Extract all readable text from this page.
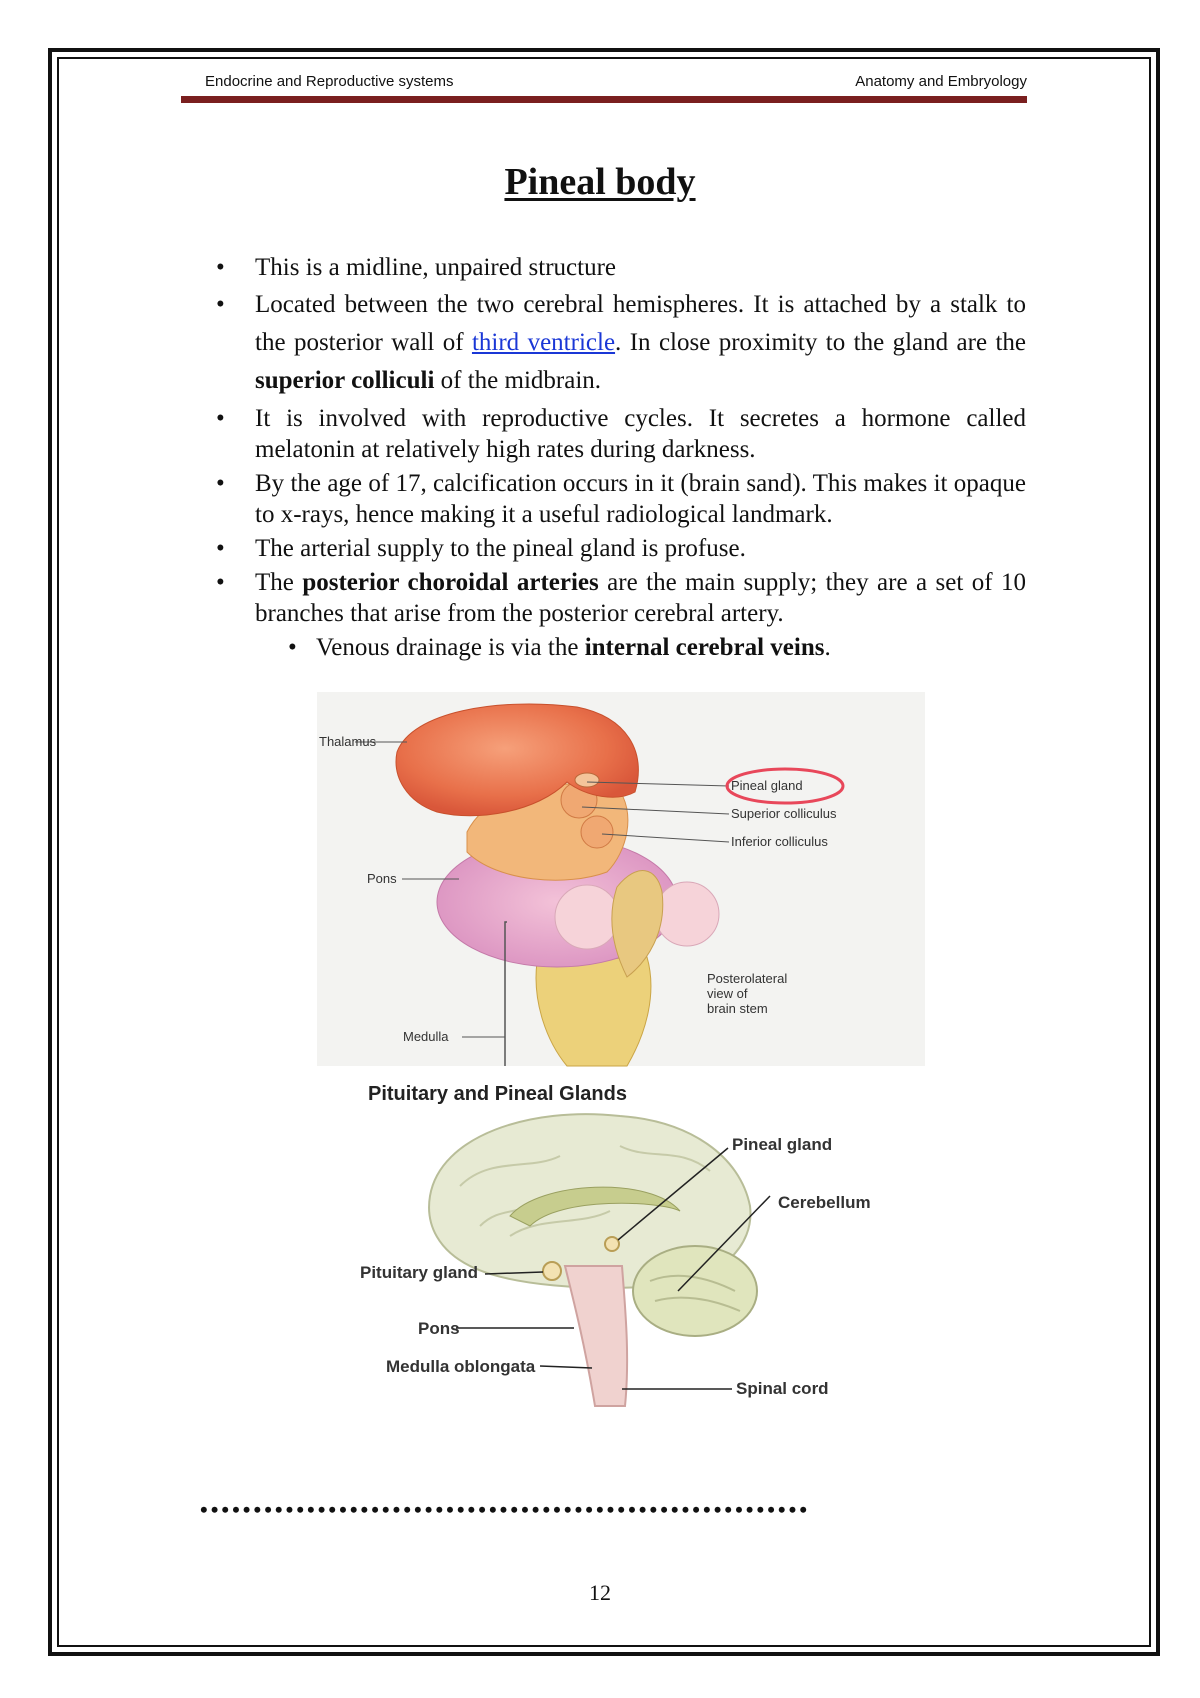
Endocrine and Reproductive systems	Anatomy and Embryology
Pineal body
• This is a midline, unpaired structure
• Located between the two cerebral hemispheres. It is attached by a stalk to the posterior wall of third ventricle. In close proximity to the gland are the superior colliculi of the midbrain.
• It is involved with reproductive cycles. It secretes a hormone called melatonin at relatively high rates during darkness.
• By the age of 17, calcification occurs in it (brain sand). This makes it opaque to x-rays, hence making it a useful radiological landmark.
• The arterial supply to the pineal gland is profuse.
• The posterior choroidal arteries are the main supply; they are a set of 10 branches that arise from the posterior cerebral artery.
• Venous drainage is via the internal cerebral veins.
Thalamus
Pineal gland
Superior colliculus
Inferior colliculus
Pons
Medulla
Posterolateral
view of
brain stem
Pituitary and Pineal Glands
Pineal gland
Cerebellum
Pituitary gland
Pons
Medulla oblongata
Spinal cord
•••••••••••••••••••••••••••••••••••••••••••••••••••••••••
12
